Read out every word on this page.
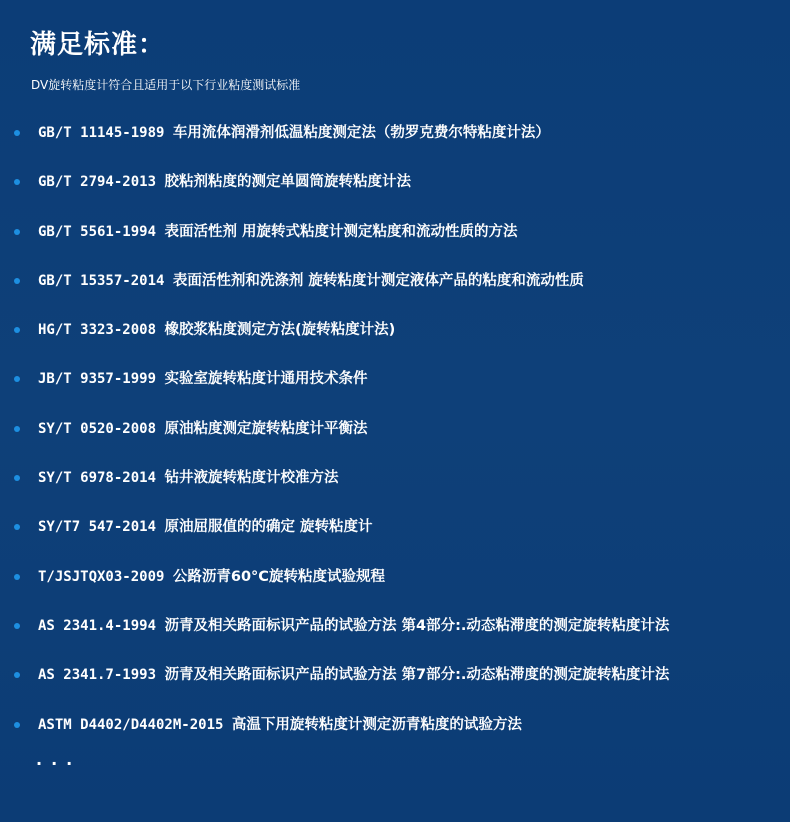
满足标准：
DV旋转粘度计符合且适用于以下行业粘度测试标准
GB/T 11145-1989 车用流体润滑剂低温粘度测定法（勃罗克费尔特粘度计法）
GB/T 2794-2013 胶粘剂粘度的测定单圆筒旋转粘度计法
GB/T 5561-1994 表面活性剂 用旋转式粘度计测定粘度和流动性质的方法
GB/T 15357-2014 表面活性剂和洗涤剂 旋转粘度计测定液体产品的粘度和流动性质
HG/T 3323-2008 橡胶浆粘度测定方法(旋转粘度计法)
JB/T 9357-1999 实验室旋转粘度计通用技术条件
SY/T 0520-2008 原油粘度测定旋转粘度计平衡法
SY/T 6978-2014 钻井液旋转粘度计校准方法
SY/T7 547-2014 原油屈服值的的确定 旋转粘度计
T/JSJTQX03-2009 公路沥青60°C旋转粘度试验规程
AS 2341.4-1994 沥青及相关路面标识产品的试验方法 第4部分:.动态粘滞度的测定旋转粘度计法
AS 2341.7-1993 沥青及相关路面标识产品的试验方法 第7部分:.动态粘滞度的测定旋转粘度计法
ASTM D4402/D4402M-2015 高温下用旋转粘度计测定沥青粘度的试验方法
···
